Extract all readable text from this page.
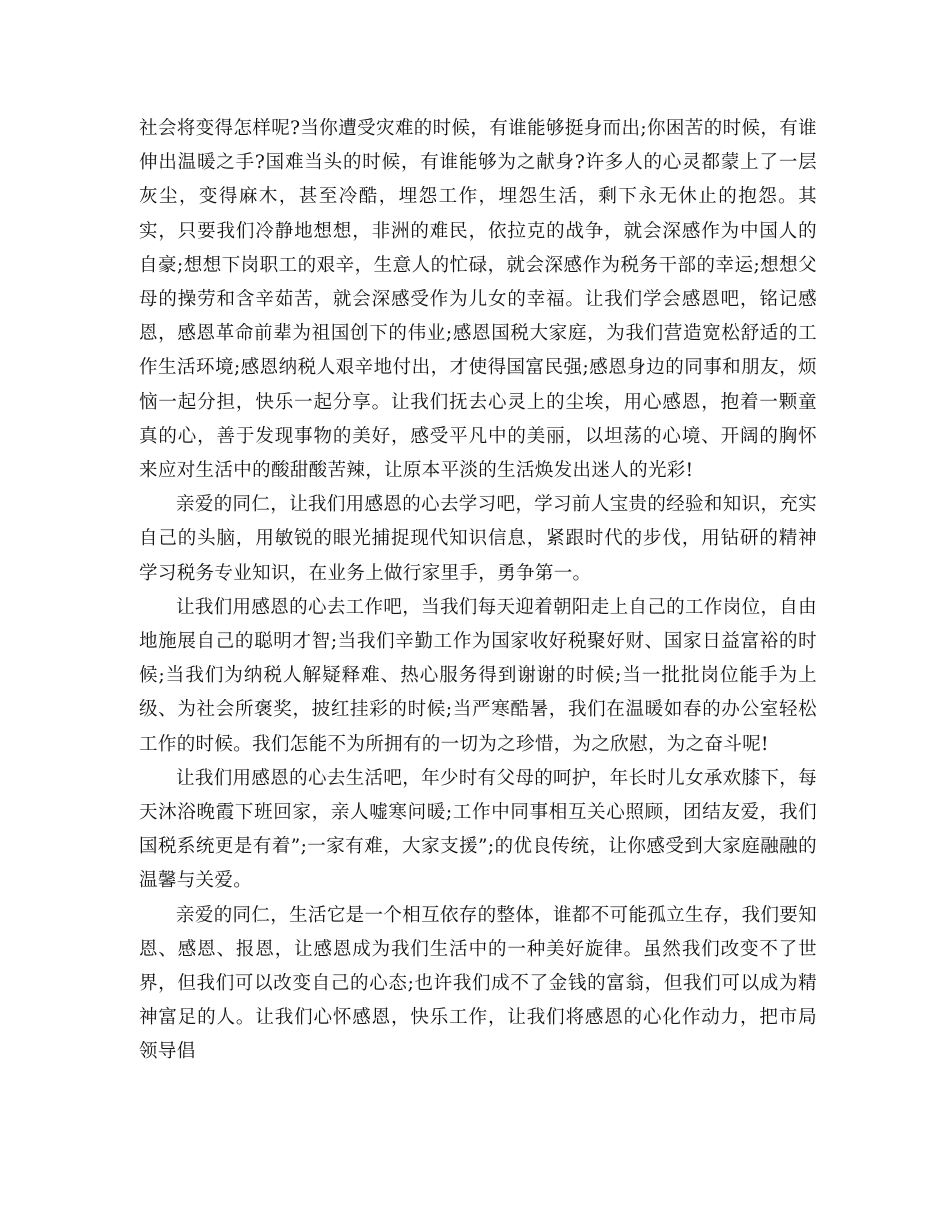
社会将变得怎样呢?当你遭受灾难的时候，有谁能够挺身而出;你困苦的时候，有谁伸出温暖之手?国难当头的时候，有谁能够为之献身?许多人的心灵都蒙上了一层灰尘，变得麻木，甚至冷酷，埋怨工作，埋怨生活，剩下永无休止的抱怨。其实，只要我们冷静地想想，非洲的难民，依拉克的战争，就会深感作为中国人的自豪;想想下岗职工的艰辛，生意人的忙碌，就会深感作为税务干部的幸运;想想父母的操劳和含辛茹苦，就会深感受作为儿女的幸福。让我们学会感恩吧，铭记感恩，感恩革命前辈为祖国创下的伟业;感恩国税大家庭，为我们营造宽松舒适的工作生活环境;感恩纳税人艰辛地付出，才使得国富民强;感恩身边的同事和朋友，烦恼一起分担，快乐一起分享。让我们抚去心灵上的尘埃，用心感恩，抱着一颗童真的心，善于发现事物的美好，感受平凡中的美丽，以坦荡的心境、开阔的胸怀来应对生活中的酸甜酸苦辣，让原本平淡的生活焕发出迷人的光彩!

亲爱的同仁，让我们用感恩的心去学习吧，学习前人宝贵的经验和知识，充实自己的头脑，用敏锐的眼光捕捉现代知识信息，紧跟时代的步伐，用钻研的精神学习税务专业知识，在业务上做行家里手，勇争第一。

让我们用感恩的心去工作吧，当我们每天迎着朝阳走上自己的工作岗位，自由地施展自己的聪明才智;当我们辛勤工作为国家收好税聚好财、国家日益富裕的时候;当我们为纳税人解疑释难、热心服务得到谢谢的时候;当一批批岗位能手为上级、为社会所褒奖，披红挂彩的时候;当严寒酷暑，我们在温暖如春的办公室轻松工作的时候。我们怎能不为所拥有的一切为之珍惜，为之欣慰，为之奋斗呢!

让我们用感恩的心去生活吧，年少时有父母的呵护，年长时儿女承欢膝下，每天沐浴晚霞下班回家，亲人嘘寒问暖;工作中同事相互关心照顾，团结友爱，我们国税系统更是有着”;一家有难，大家支援”;的优良传统，让你感受到大家庭融融的温馨与关爱。

亲爱的同仁，生活它是一个相互依存的整体，谁都不可能孤立生存，我们要知恩、感恩、报恩，让感恩成为我们生活中的一种美好旋律。虽然我们改变不了世界，但我们可以改变自己的心态;也许我们成不了金钱的富翁，但我们可以成为精神富足的人。让我们心怀感恩，快乐工作，让我们将感恩的心化作动力，把市局领导倡
